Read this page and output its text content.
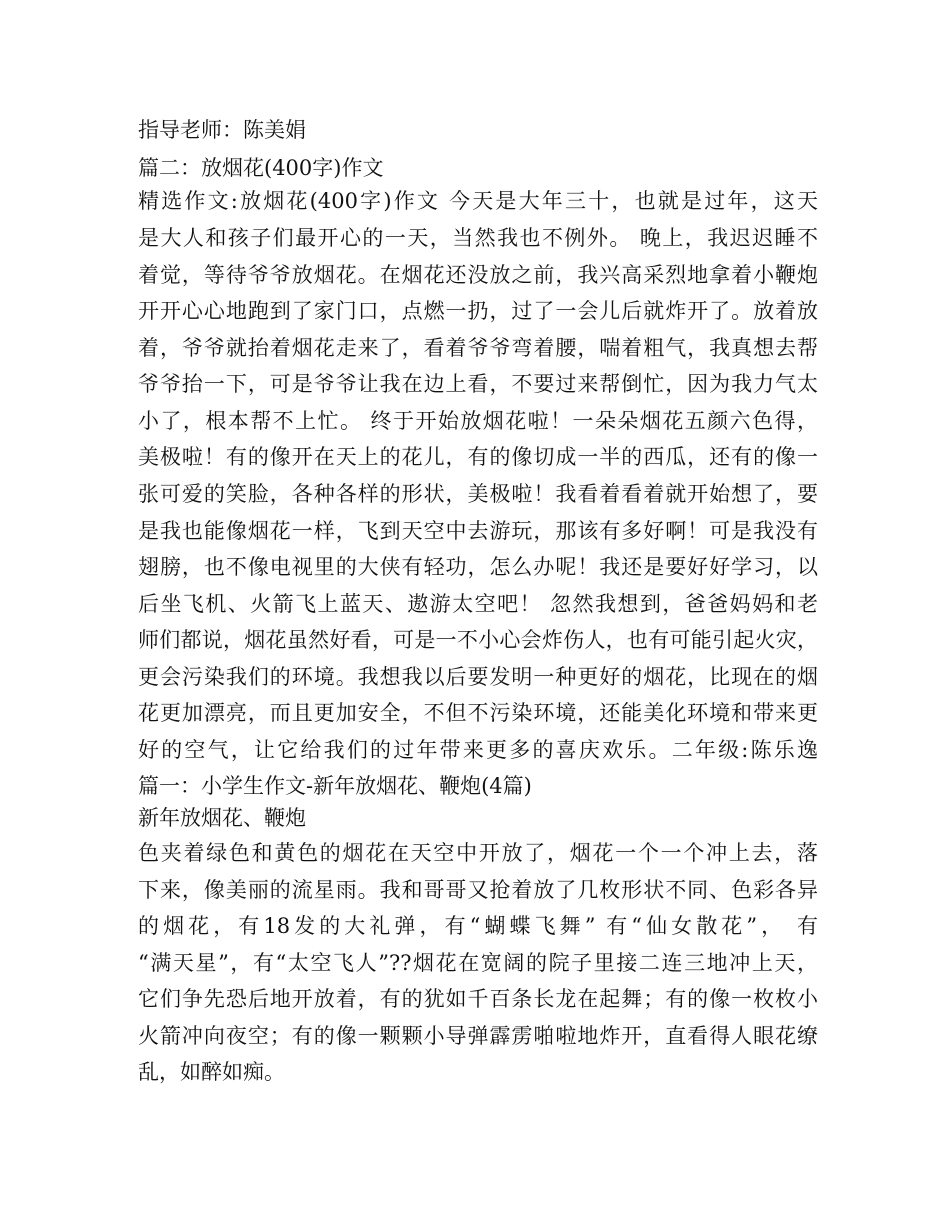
指导老师：陈美娟
篇二：放烟花(400字)作文
精选作文:放烟花(400字)作文 今天是大年三十，也就是过年，这天
是大人和孩子们最开心的一天，当然我也不例外。 晚上，我迟迟睡不
着觉，等待爷爷放烟花。在烟花还没放之前，我兴高采烈地拿着小鞭炮
开开心心地跑到了家门口，点燃一扔，过了一会儿后就炸开了。放着放
着，爷爷就抬着烟花走来了，看着爷爷弯着腰，喘着粗气，我真想去帮
爷爷抬一下，可是爷爷让我在边上看，不要过来帮倒忙，因为我力气太
小了，根本帮不上忙。 终于开始放烟花啦！一朵朵烟花五颜六色得，
美极啦！有的像开在天上的花儿，有的像切成一半的西瓜，还有的像一
张可爱的笑脸，各种各样的形状，美极啦！我看着看着就开始想了，要
是我也能像烟花一样，飞到天空中去游玩，那该有多好啊！可是我没有
翅膀，也不像电视里的大侠有轻功，怎么办呢！我还是要好好学习，以
后坐飞机、火箭飞上蓝天、遨游太空吧！ 忽然我想到，爸爸妈妈和老
师们都说，烟花虽然好看，可是一不小心会炸伤人，也有可能引起火灾，
更会污染我们的环境。我想我以后要发明一种更好的烟花，比现在的烟
花更加漂亮，而且更加安全，不但不污染环境，还能美化环境和带来更
好的空气，让它给我们的过年带来更多的喜庆欢乐。二年级:陈乐逸
篇一：小学生作文-新年放烟花、鞭炮(4篇)
新年放烟花、鞭炮
色夹着绿色和黄色的烟花在天空中开放了，烟花一个一个冲上去，落
下来，像美丽的流星雨。我和哥哥又抢着放了几枚形状不同、色彩各异
的烟花，有18发的大礼弹，有“蝴蝶飞舞” 有“仙女散花”， 有
“满天星”，有“太空飞人”??烟花在宽阔的院子里接二连三地冲上天，
它们争先恐后地开放着，有的犹如千百条长龙在起舞；有的像一枚枚小
火箭冲向夜空；有的像一颗颗小导弹霹雳啪啦地炸开，直看得人眼花缭
乱，如醉如痴。
